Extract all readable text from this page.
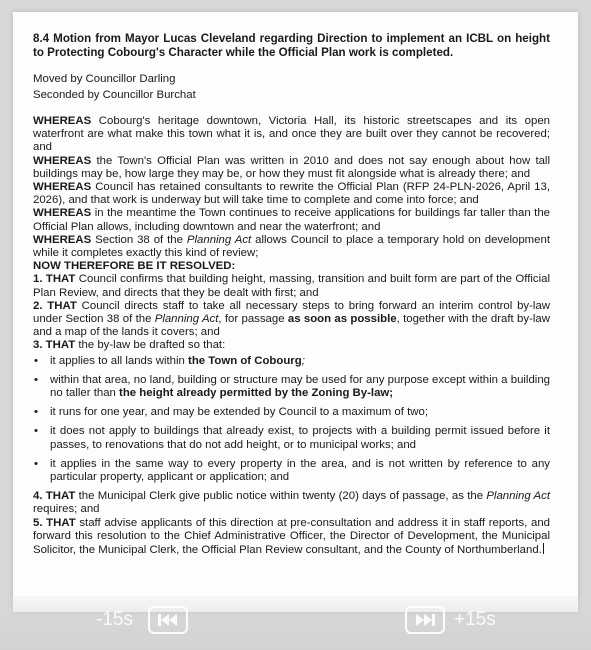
8.4 Motion from Mayor Lucas Cleveland regarding Direction to implement an ICBL on height to Protecting Cobourg's Character while the Official Plan work is completed.

Moved by Councillor Darling
Seconded by Councillor Burchat

WHEREAS Cobourg's heritage downtown, Victoria Hall, its historic streetscapes and its open waterfront are what make this town what it is, and once they are built over they cannot be recovered; and

WHEREAS the Town's Official Plan was written in 2010 and does not say enough about how tall buildings may be, how large they may be, or how they must fit alongside what is already there; and

WHEREAS Council has retained consultants to rewrite the Official Plan (RFP 24-PLN-2026, April 13, 2026), and that work is underway but will take time to complete and come into force; and

WHEREAS in the meantime the Town continues to receive applications for buildings far taller than the Official Plan allows, including downtown and near the waterfront; and

WHEREAS Section 38 of the Planning Act allows Council to place a temporary hold on development while it completes exactly this kind of review;

NOW THEREFORE BE IT RESOLVED:

1. THAT Council confirms that building height, massing, transition and built form are part of the Official Plan Review, and directs that they be dealt with first; and

2. THAT Council directs staff to take all necessary steps to bring forward an interim control by-law under Section 38 of the Planning Act, for passage as soon as possible, together with the draft by-law and a map of the lands it covers; and

3. THAT the by-law be drafted so that:

• it applies to all lands within the Town of Cobourg;
• within that area, no land, building or structure may be used for any purpose except within a building no taller than the height already permitted by the Zoning By-law;
• it runs for one year, and may be extended by Council to a maximum of two;
• it does not apply to buildings that already exist, to projects with a building permit issued before it passes, to renovations that do not add height, or to municipal works; and
• it applies in the same way to every property in the area, and is not written by reference to any particular property, applicant or application; and

4. THAT the Municipal Clerk give public notice within twenty (20) days of passage, as the Planning Act requires; and

5. THAT staff advise applicants of this direction at pre-consultation and address it in staff reports, and forward this resolution to the Chief Administrative Officer, the Director of Development, the Municipal Solicitor, the Municipal Clerk, the Official Plan Review consultant, and the County of Northumberland.

-15s	+15s
